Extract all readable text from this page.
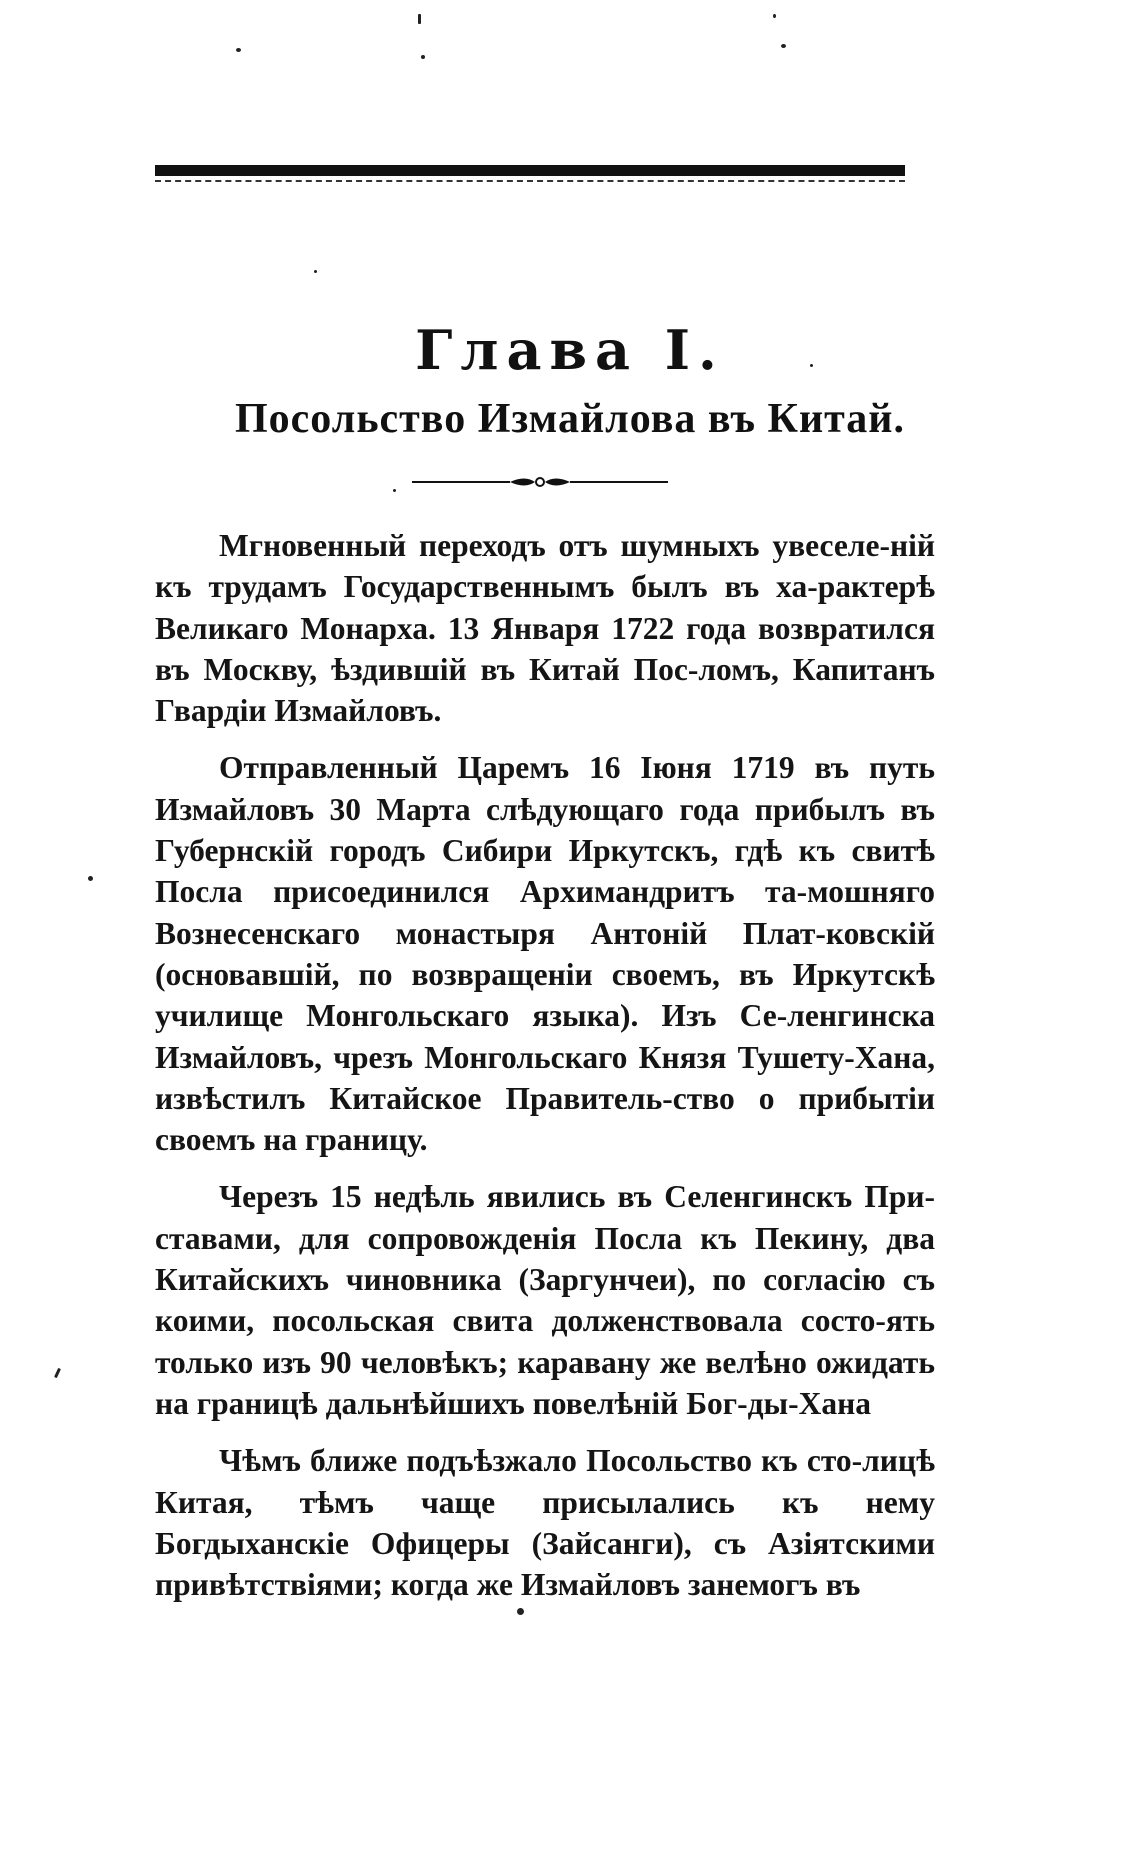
Глава I.
Посольство Измайлова въ Китай.

Мгновенный переходъ отъ шумныхъ увеселе-ній къ трудамъ Государственнымъ былъ въ ха-рактерѣ Великаго Монарха. 13 Января 1722 года возвратился въ Москву, ѣздившій въ Китай Пос-ломъ, Капитанъ Гвардіи Измайловъ.

Отправленный Царемъ 16 Іюня 1719 въ путь Измайловъ 30 Марта слѣдующаго года прибылъ въ Губернскій городъ Сибири Иркутскъ, гдѣ къ свитѣ Посла присоединился Архимандритъ та-мошняго Вознесенскаго монастыря Антоній Плат-ковскій (основавшій, по возвращеніи своемъ, въ Иркутскѣ училище Монгольскаго языка). Изъ Се-ленгинска Измайловъ, чрезъ Монгольскаго Князя Тушету-Хана, извѣстилъ Китайское Правитель-ство о прибытіи своемъ на границу.

Черезъ 15 недѣль явились въ Селенгинскъ При-ставами, для сопровожденія Посла къ Пекину, два Китайскихъ чиновника (Заргунчеи), по согласію съ коими, посольская свита долженствовала состо-ять только изъ 90 человѣкъ; каравану же велѣно ожидать на границѣ дальнѣйшихъ повелѣній Бог-ды-Хана

Чѣмъ ближе подъѣзжало Посольство къ сто-лицѣ Китая, тѣмъ чаще присылались къ нему Богдыханскіе Офицеры (Зайсанги), съ Азіятскими привѣтствіями; когда же Измайловъ занемогъ въ
